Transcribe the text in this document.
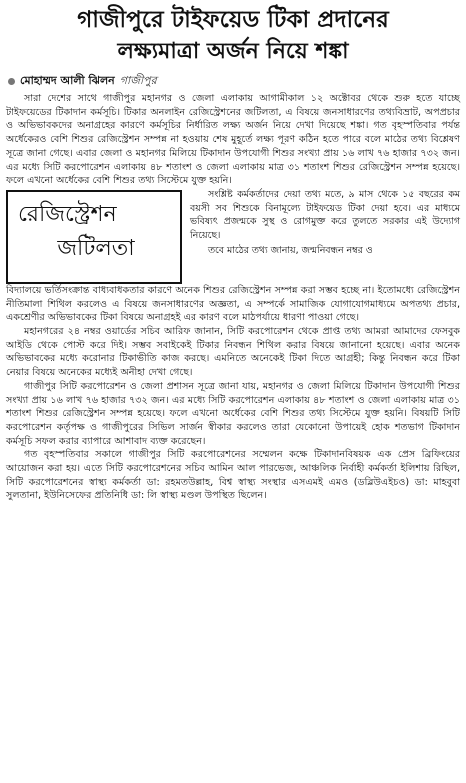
গাজীপুরে টাইফয়েড টিকা প্রদানের
লক্ষ্যমাত্রা অর্জন নিয়ে শঙ্কা
মোহাম্মদ আলী ঝিলন গাজীপুর

সারা দেশের সাথে গাজীপুর মহানগর ও জেলা এলাকায় আগামীকাল ১২ অক্টোবর থেকে শুরু হতে যাচ্ছে টাইফয়েডের টিকাদান কর্মসূচি। টিকার অনলাইন রেজিস্ট্রেশনের জটিলতা, এ বিষয়ে জনসাধারণের তথ্যবিভ্রাট, অপপ্রচার ও অভিভাবকদের অনাগ্রহের কারণে কর্মসূচির নির্ধারিত লক্ষ্য অর্জন নিয়ে দেখা দিয়েছে শঙ্কা। গত বৃহস্পতিবার পর্যন্ত অর্ধেকেরও বেশি শিশুর রেজিস্ট্রেশন সম্পন্ন না হওয়ায় শেষ মুহূর্তে লক্ষ্য পূরণ কঠিন হতে পারে বলে মাঠের তথ্য বিশ্লেষণ সূত্রে জানা গেছে। এবার জেলা ও মহানগর মিলিয়ে টিকাদান উপযোগী শিশুর সংখ্যা প্রায় ১৬ লাখ ৭৬ হাজার ৭৩২ জন। এর মধ্যে সিটি করপোরেশন এলাকায় ৪৮ শতাংশ ও জেলা এলাকায় মাত্র ৩১ শতাংশ শিশুর রেজিস্ট্রেশন সম্পন্ন হয়েছে। ফলে এখনো অর্ধেকের বেশি শিশুর তথ্য সিস্টেমে যুক্ত হয়নি।

রেজিস্ট্রেশন
জটিলতা

সংশ্লিষ্ট কর্মকর্তাদের দেয়া তথ্য মতে, ৯ মাস থেকে ১৫ বছরের কম বয়সী সব শিশুকে বিনামূল্যে টাইফয়েড টিকা দেয়া হবে। এর মাধ্যমে ভবিষ্যৎ প্রজন্মকে সুস্থ ও রোগমুক্ত করে তুলতে সরকার এই উদ্যোগ নিয়েছে।

তবে মাঠের তথ্য জানায়, জন্মনিবন্ধন নম্বর ও

বিদ্যালয়ে ভর্তিসংক্রান্ত বাধ্যবাধকতার কারণে অনেক শিশুর রেজিস্ট্রেশন সম্পন্ন করা সম্ভব হচ্ছে না। ইতোমধ্যে রেজিস্ট্রেশন নীতিমালা শিথিল করলেও এ বিষয়ে জনসাধারণের অজ্ঞতা, এ সম্পর্কে সামাজিক যোগাযোগমাধ্যমে অপতথ্য প্রচার, একশ্রেণীর অভিভাবকের টিকা বিষয়ে অনাগ্রহই এর কারণ বলে মাঠপর্যায়ে ধারণা পাওয়া গেছে।

মহানগরের ২৪ নম্বর ওয়ার্ডের সচিব আরিফ জানান, সিটি করপোরেশন থেকে প্রাপ্ত তথ্য আমরা আমাদের ফেসবুক আইডি থেকে পোস্ট করে দিই। সম্ভব সবাইকেই টিকার নিবন্ধন শিথিল করার বিষয়ে জানানো হয়েছে। এবার অনেক অভিভাবকের মধ্যে করোনার টিকাভীতি কাজ করছে। এমনিতে অনেকেই টিকা দিতে আগ্রহী; কিন্তু নিবন্ধন করে টিকা নেয়ার বিষয়ে অনেকের মধ্যেই অনীহা দেখা গেছে।

গাজীপুর সিটি করপোরেশন ও জেলা প্রশাসন সূত্রে জানা যায়, মহানগর ও জেলা মিলিয়ে টিকাদান উপযোগী শিশুর সংখ্যা প্রায় ১৬ লাখ ৭৬ হাজার ৭৩২ জন। এর মধ্যে সিটি করপোরেশন এলাকায় ৪৮ শতাংশ ও জেলা এলাকায় মাত্র ৩১ শতাংশ শিশুর রেজিস্ট্রেশন সম্পন্ন হয়েছে। ফলে এখনো অর্ধেকের বেশি শিশুর তথ্য সিস্টেমে যুক্ত হয়নি। বিষয়টি সিটি করপোরেশন কর্তৃপক্ষ ও গাজীপুরের সিভিল সার্জন স্বীকার করলেও তারা যেকোনো উপায়েই হোক শতভাগ টিকাদান কর্মসূচি সফল করার ব্যাপারে আশাবাদ ব্যক্ত করেছেন।

গত বৃহস্পতিবার সকালে গাজীপুর সিটি করপোরেশনের সম্মেলন কক্ষে টিকাদানবিষয়ক এক প্রেস ব্রিফিংয়ের আয়োজন করা হয়। এতে সিটি করপোরেশনের সচিব আমিন আল পারভেজ, আঞ্চলিক নির্বাহী কর্মকর্তা ইলিশায় রিছিল, সিটি করপোরেশনের স্বাস্থ্য কর্মকর্তা ডা: রহমতউল্লাহ, বিশ্ব স্বাস্থ্য সংস্থার এসএমই এমও (ডব্লিউএইচও) ডা: মাহবুবা সুলতানা, ইউনিসেফের প্রতিনিধি ডা: লি স্বাস্থ্য মণ্ডল উপস্থিত ছিলেন।
